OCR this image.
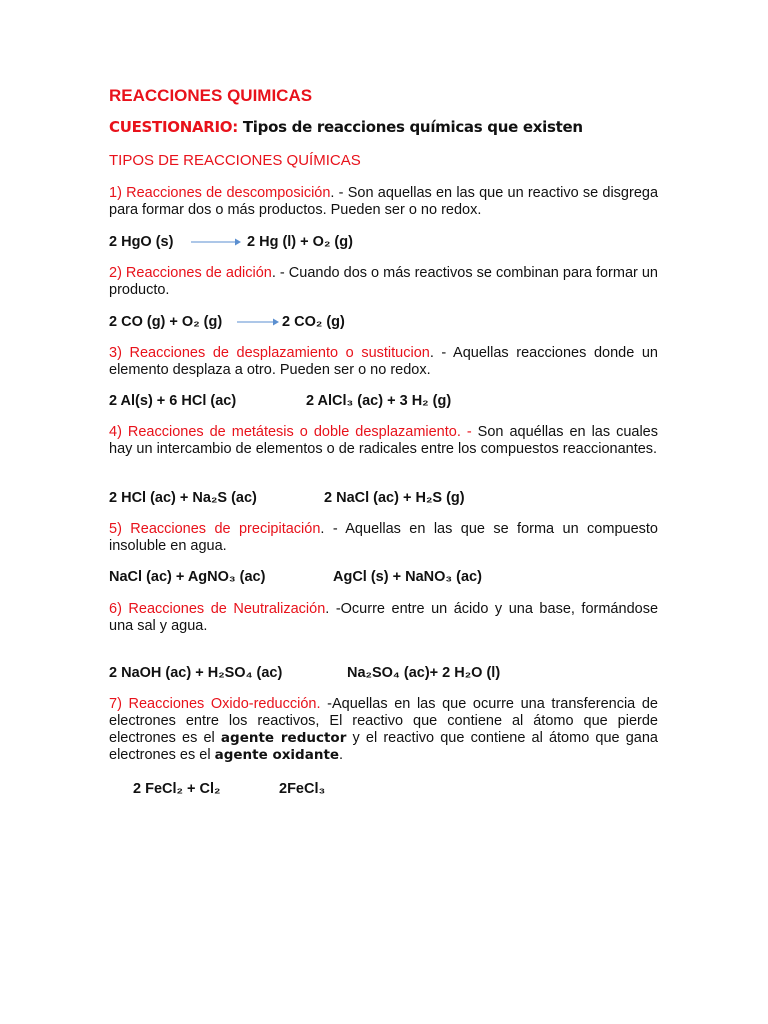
REACCIONES QUIMICAS
CUESTIONARIO: Tipos de reacciones químicas que existen
TIPOS DE REACCIONES QUÍMICAS
1) Reacciones de descomposición. - Son aquellas en las que un reactivo se disgrega para formar dos o más productos. Pueden ser o no redox.
2 HgO (s) → 2 Hg (l) + O₂ (g)
2) Reacciones de adición. - Cuando dos o más reactivos se combinan para formar un producto.
2 CO (g) + O₂ (g) → 2 CO₂ (g)
3) Reacciones de desplazamiento o sustitucion. - Aquellas reacciones donde un elemento desplaza a otro. Pueden ser o no redox.
2 Al(s) + 6 HCl (ac)	2 AlCl₃ (ac) + 3 H₂ (g)
4) Reacciones de metátesis o doble desplazamiento. - Son aquéllas en las cuales hay un intercambio de elementos o de radicales entre los compuestos reaccionantes.
2 HCl (ac) + Na₂S (ac)	2 NaCl (ac) + H₂S (g)
5) Reacciones de precipitación. - Aquellas en las que se forma un compuesto insoluble en agua.
NaCl (ac) + AgNO₃ (ac)	AgCl (s) + NaNO₃ (ac)
6) Reacciones de Neutralización. -Ocurre entre un ácido y una base, formándose una sal y agua.
2 NaOH (ac) + H₂SO₄ (ac)	Na₂SO₄ (ac)+ 2 H₂O (l)
7) Reacciones Oxido-reducción. -Aquellas en las que ocurre una transferencia de electrones entre los reactivos, El reactivo que contiene al átomo que pierde electrones es el agente reductor y el reactivo que contiene al átomo que gana electrones es el agente oxidante.
2 FeCl₂ + Cl₂	2FeCl₃
